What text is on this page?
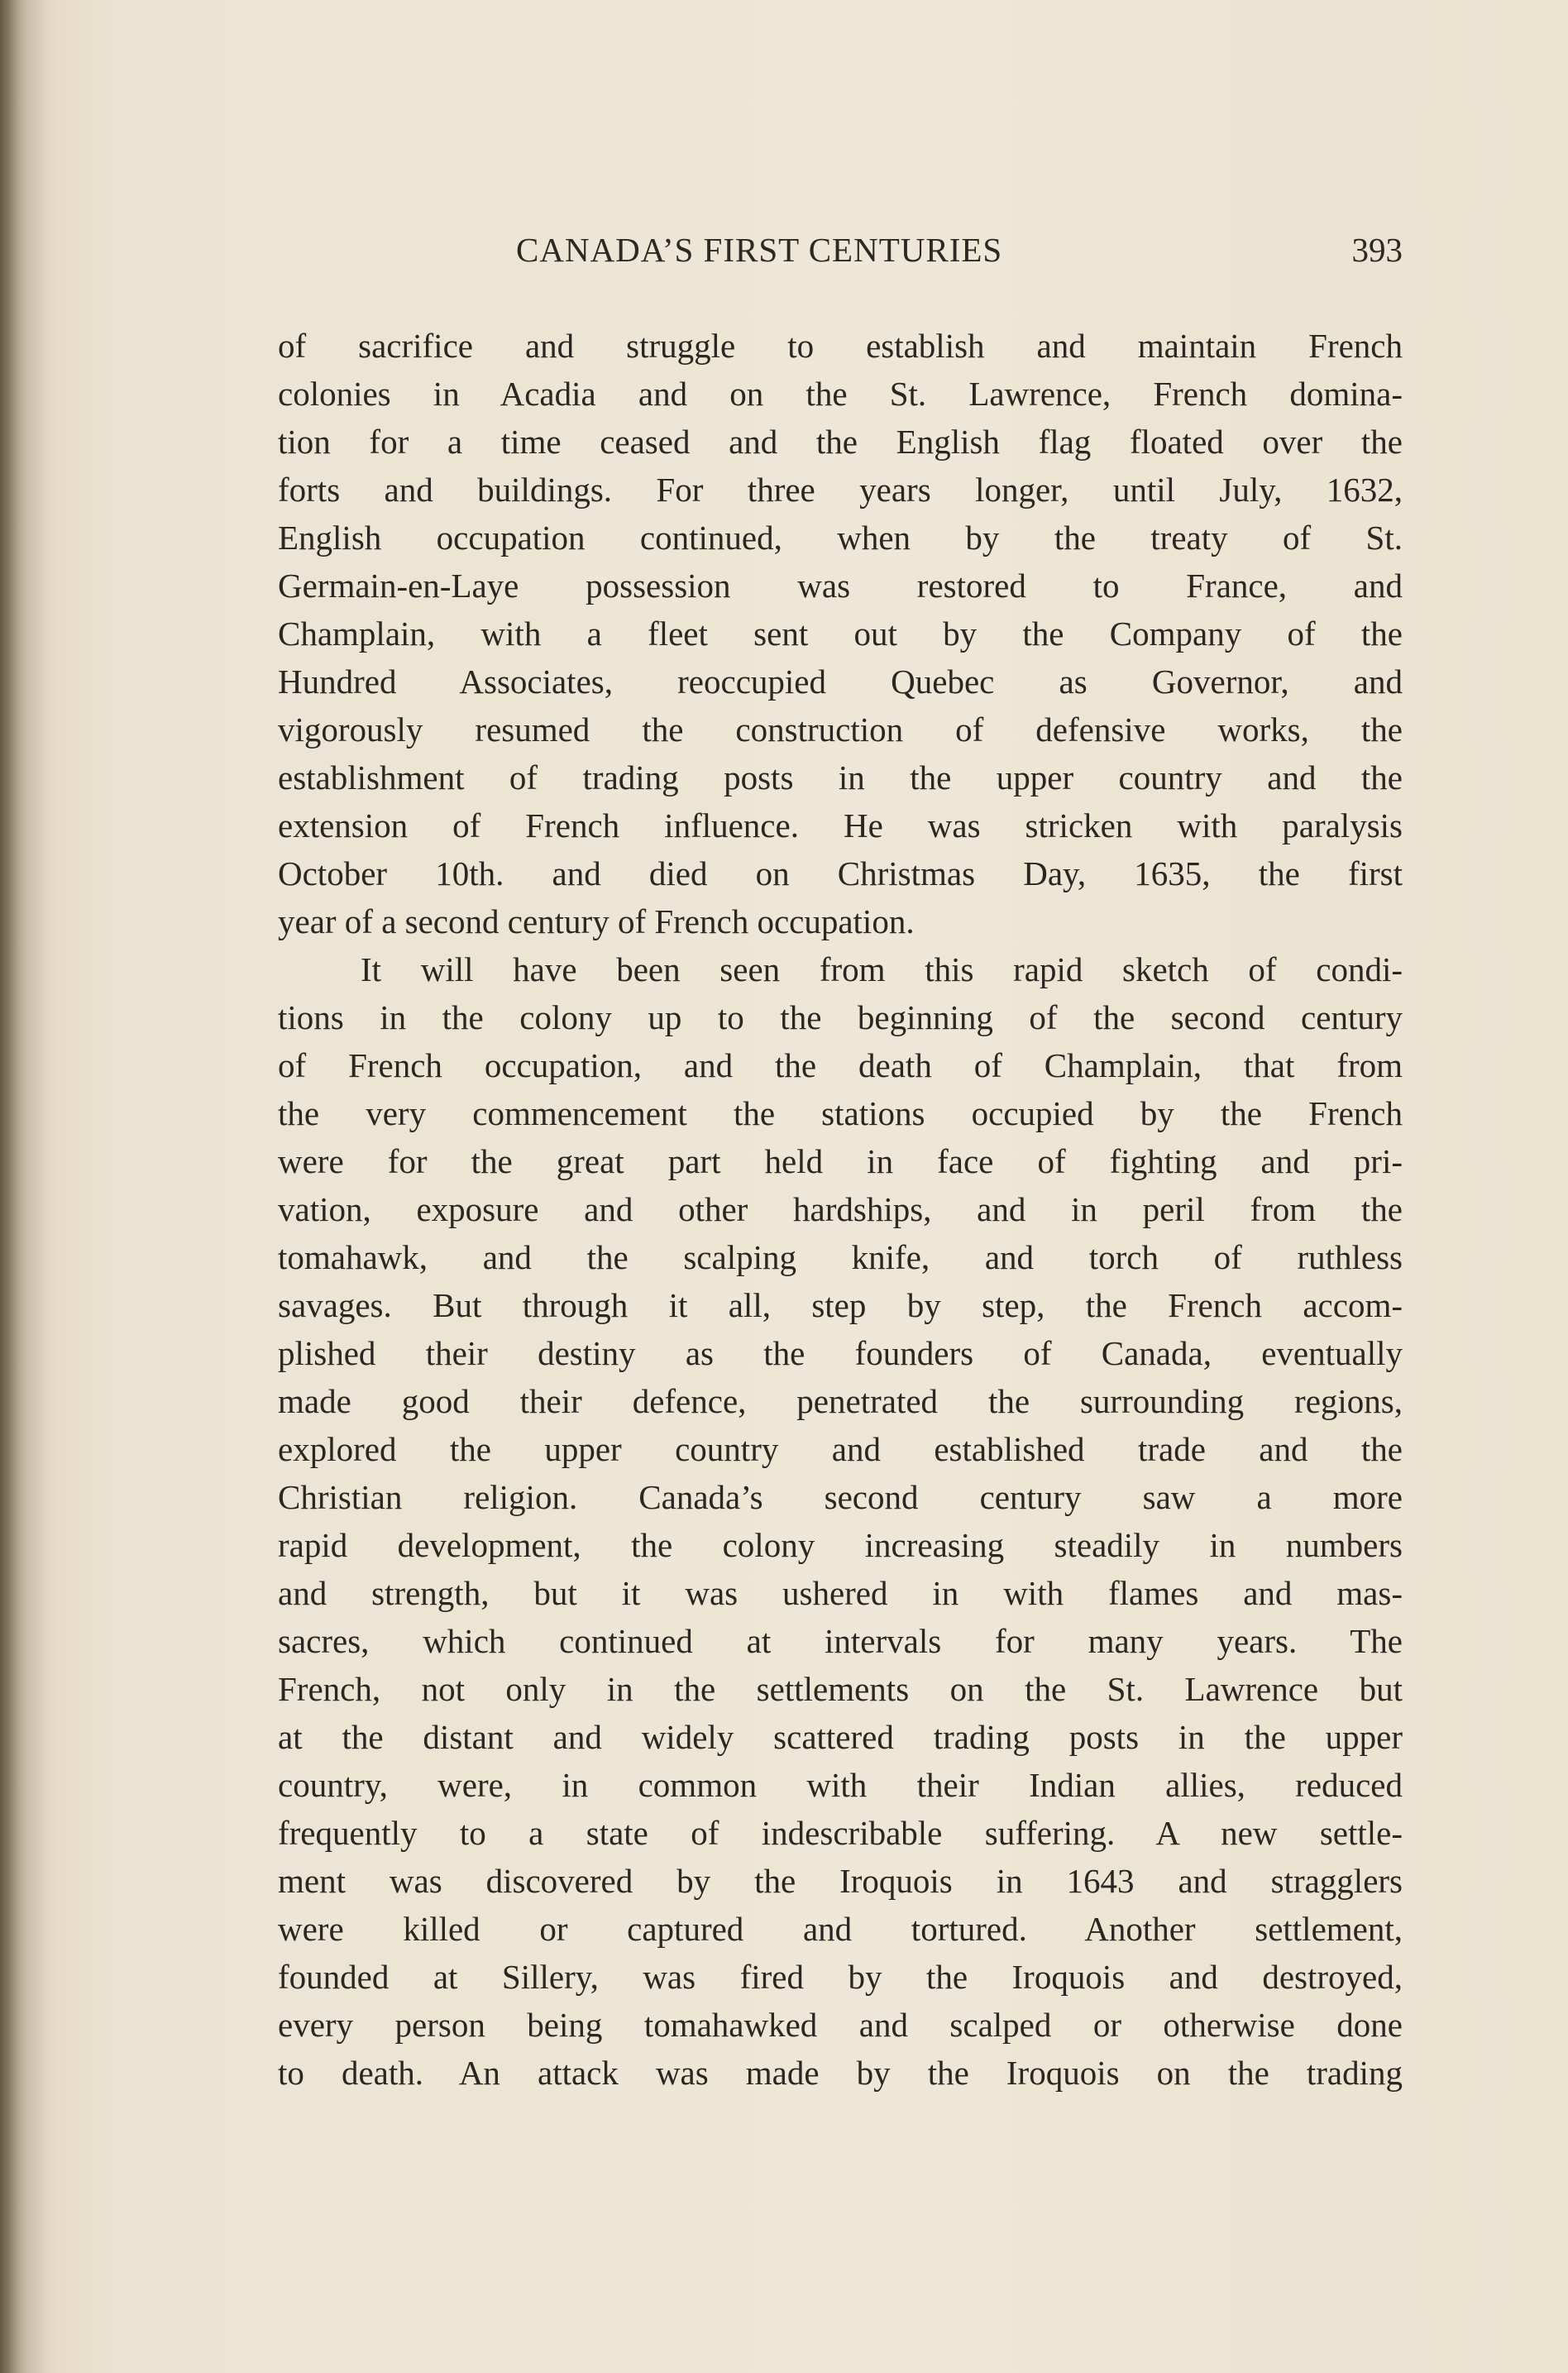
CANADA’S FIRST CENTURIES	393
of sacrifice and struggle to establish and maintain French
colonies in Acadia and on the St. Lawrence, French domina-
tion for a time ceased and the English flag floated over the
forts and buildings. For three years longer, until July, 1632,
English occupation continued, when by the treaty of St.
Germain-en-Laye possession was restored to France, and
Champlain, with a fleet sent out by the Company of the
Hundred Associates, reoccupied Quebec as Governor, and
vigorously resumed the construction of defensive works, the
establishment of trading posts in the upper country and the
extension of French influence. He was stricken with paralysis
October 10th. and died on Christmas Day, 1635, the first
year of a second century of French occupation.
It will have been seen from this rapid sketch of condi-
tions in the colony up to the beginning of the second century
of French occupation, and the death of Champlain, that from
the very commencement the stations occupied by the French
were for the great part held in face of fighting and pri-
vation, exposure and other hardships, and in peril from the
tomahawk, and the scalping knife, and torch of ruthless
savages. But through it all, step by step, the French accom-
plished their destiny as the founders of Canada, eventually
made good their defence, penetrated the surrounding regions,
explored the upper country and established trade and the
Christian religion. Canada’s second century saw a more
rapid development, the colony increasing steadily in numbers
and strength, but it was ushered in with flames and mas-
sacres, which continued at intervals for many years. The
French, not only in the settlements on the St. Lawrence but
at the distant and widely scattered trading posts in the upper
country, were, in common with their Indian allies, reduced
frequently to a state of indescribable suffering. A new settle-
ment was discovered by the Iroquois in 1643 and stragglers
were killed or captured and tortured. Another settlement,
founded at Sillery, was fired by the Iroquois and destroyed,
every person being tomahawked and scalped or otherwise done
to death. An attack was made by the Iroquois on the trading
